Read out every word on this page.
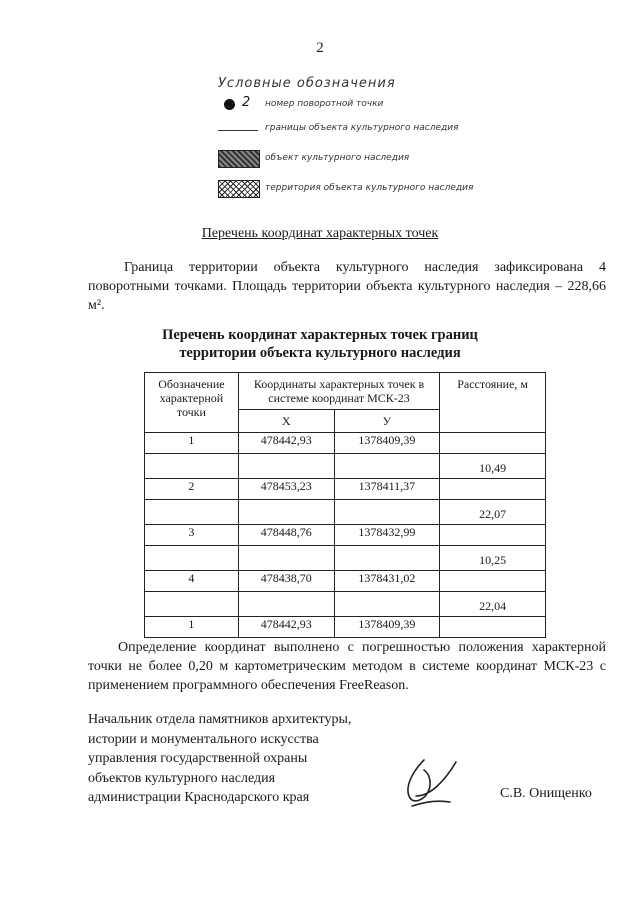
2
Условные обозначения
2 номер поворотной точки
границы объекта культурного наследия
объект культурного наследия
территория объекта культурного наследия
Перечень координат характерных точек
Граница территории объекта культурного наследия зафиксирована 4 поворотными точками. Площадь территории объекта культурного наследия – 228,66 м².
Перечень координат характерных точек границ
территории объекта культурного наследия
Обозначение характерной точки	Координаты характерных точек в системе координат МСК-23		Расстояние, м
	X	У	
1	478442,93	1378409,39	
			10,49
2	478453,23	1378411,37	
			22,07
3	478448,76	1378432,99	
			10,25
4	478438,70	1378431,02	
			22,04
1	478442,93	1378409,39	
Определение координат выполнено с погрешностью положения характерной точки не более 0,20 м картометрическим методом в системе координат МСК-23 с применением программного обеспечения FreeReason.
Начальник отдела памятников архитектуры,
истории и монументального искусства
управления государственной охраны
объектов культурного наследия
администрации Краснодарского края	С.В. Онищенко
